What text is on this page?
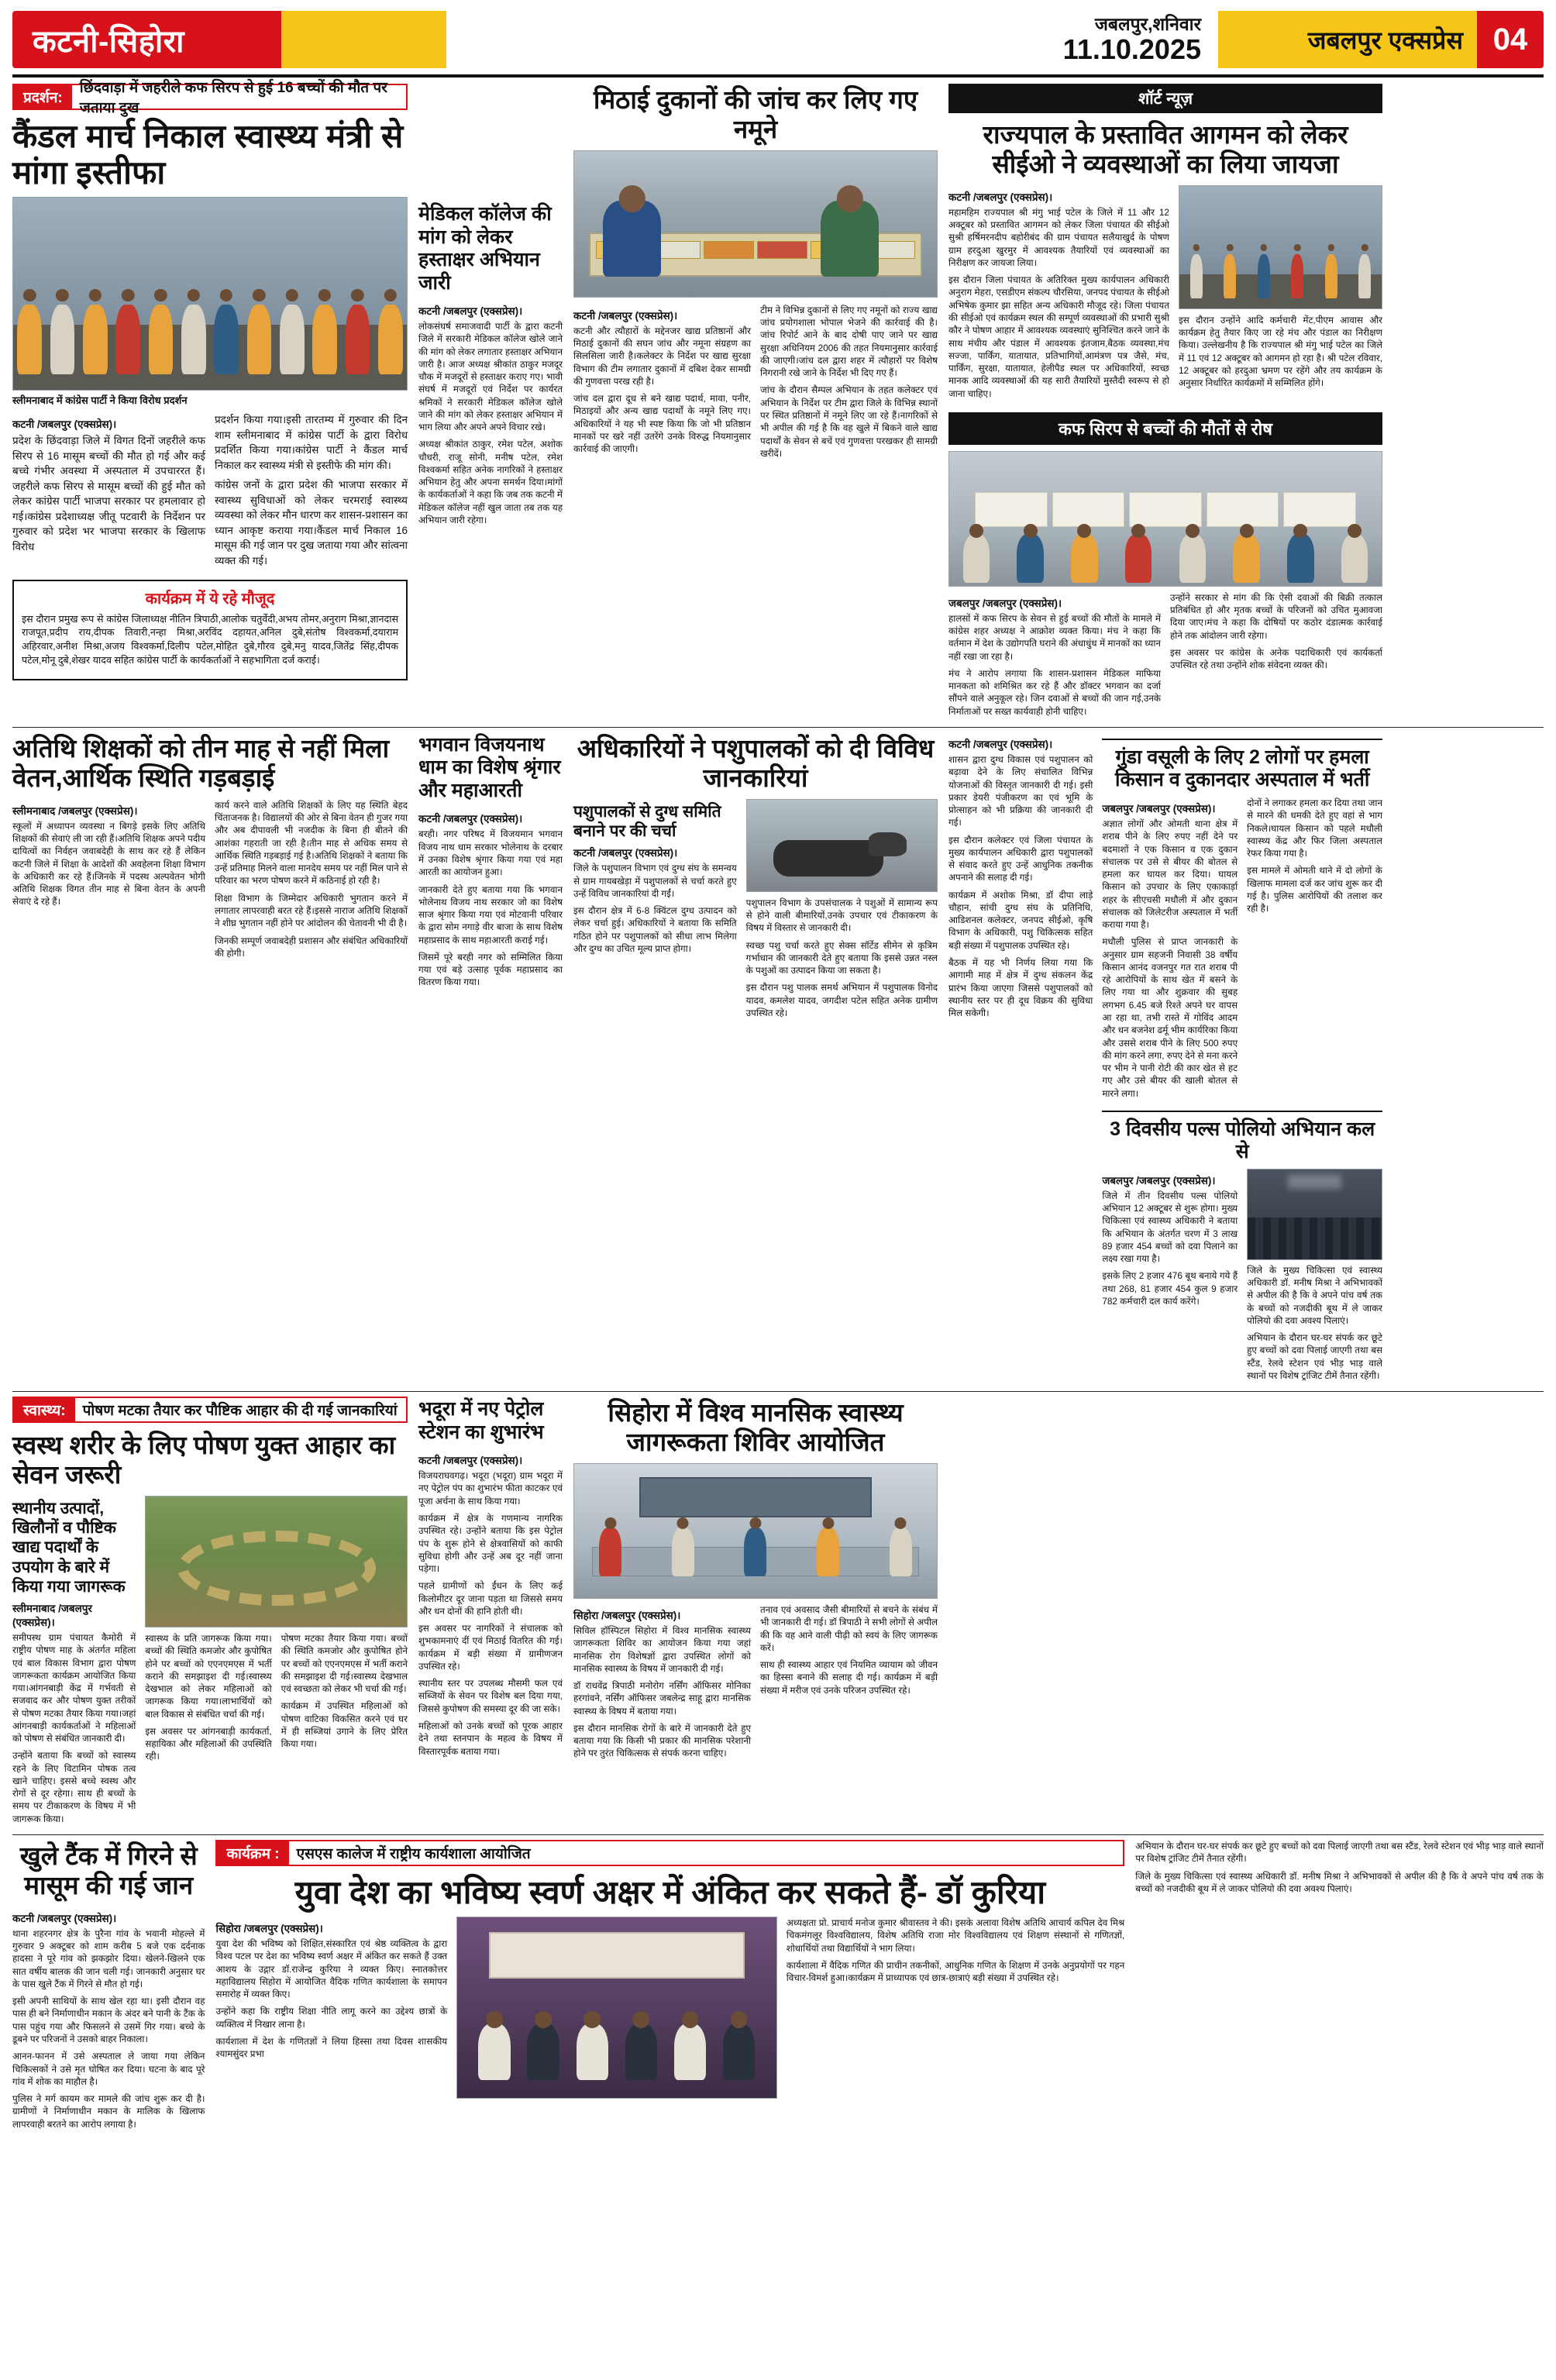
कटनी-सिहोरा
जबलपुर,शनिवार
11.10.2025	जबलपुर एक्सप्रेस 04
प्रदर्शन:
छिंदवाड़ा में जहरीले कफ सिरप से हुई 16 बच्चों की मौत पर जताया दुख
कैंडल मार्च निकाल स्वास्थ्य मंत्री से मांगा इस्तीफा
स्लीमनाबाद में कांग्रेस पार्टी ने किया विरोध प्रदर्शन
कटनी /जबलपुर (एक्सप्रेस)।

प्रदेश के छिंदवाड़ा जिले में विगत दिनों जहरीले कफ सिरप से 16 मासूम बच्चों की मौत हो गई और कई बच्चे गंभीर अवस्था में अस्पताल में उपचाररत हैं। जहरीले कफ सिरप से मासूम बच्चों की हुई मौत को लेकर कांग्रेस पार्टी भाजपा सरकार पर हमलावार हो गई।कांग्रेस प्रदेशाध्यक्ष जीतू पटवारी के निर्देशन पर गुरुवार को प्रदेश भर भाजपा सरकार के खिलाफ विरोध

प्रदर्शन किया गया।इसी तारतम्य में गुरुवार की दिन शाम स्लीमनाबाद में कांग्रेस पार्टी के द्वारा विरोध प्रदर्शित किया गया।कांग्रेस पार्टी ने कैंडल मार्च निकाल कर स्वास्थ्य मंत्री से इस्तीफे की मांग की।

कांग्रेस जनों के द्वारा प्रदेश की भाजपा सरकार में स्वास्थ्य सुविधाओं को लेकर चरमराई स्वास्थ्य व्यवस्था को लेकर मौन धारण कर शासन-प्रशासन का ध्यान आकृष्ट कराया गया।कैंडल मार्च निकाल 16 मासूम की गई जान पर दुख जताया गया और सांत्वना व्यक्त की गई।

कार्यक्रम में ये रहे मौजूद

इस दौरान प्रमुख रूप से कांग्रेस जिलाध्यक्ष नीतिन त्रिपाठी,आलोक चतुर्वेदी,अभय तोमर,अनुराग मिश्रा,ज्ञानदास राजपूत,प्रदीप राय,दीपक तिवारी,नन्हा मिश्रा,अरविंद दहायत,अनिल दुबे,संतोष विश्वकर्मा,दयाराम अहिरवार,अनीश मिश्रा,अजय विश्वकर्मा,दिलीप पटेल,मोहित दुबे,गौरव दुबे,मनु यादव,जितेंद्र सिंह,दीपक पटेल,मोनू दुबे,शेखर यादव सहित कांग्रेस पार्टी के कार्यकर्ताओं ने सहभागिता दर्ज कराई।

मेडिकल कॉलेज की मांग को लेकर हस्ताक्षर अभियान जारी
कटनी /जबलपुर (एक्सप्रेस)।

लोकसंघर्ष समाजवादी पार्टी के द्वारा कटनी जिले में सरकारी मेडिकल कॉलेज खोले जाने की मांग को लेकर लगातार हस्ताक्षर अभियान जारी है। आज अध्यक्ष श्रीकांत ठाकुर मजदूर चौक में मजदूरों से हस्ताक्षर कराए गए। भावी संघर्ष में मजदूरों एवं निर्देश पर कार्यरत श्रमिकों ने सरकारी मेडिकल कॉलेज खोले जाने की मांग को लेकर हस्ताक्षर अभियान में भाग लिया और अपने अपने विचार रखे।

अध्यक्ष श्रीकांत ठाकुर, रमेश पटेल, अशोक चौधरी, राजू सोनी, मनीष पटेल, रमेश विश्वकर्मा सहित अनेक नागरिकों ने हस्ताक्षर अभियान हेतु और अपना समर्थन दिया।मांगों के कार्यकर्ताओं ने कहा कि जब तक कटनी में मेडिकल कॉलेज नहीं खुल जाता तब तक यह अभियान जारी रहेगा।

मिठाई दुकानों की जांच कर लिए गए नमूने
कटनी /जबलपुर (एक्सप्रेस)।

कटनी और त्यौहारों के मद्देनजर खाद्य प्रतिष्ठानों और मिठाई दुकानों की सघन जांच और नमूना संग्रहण का सिलसिला जारी है।कलेक्टर के निर्देश पर खाद्य सुरक्षा विभाग की टीम लगातार दुकानों में दबिश देकर सामग्री की गुणवत्ता परख रही है।

जांच दल द्वारा दूध से बने खाद्य पदार्थ, मावा, पनीर, मिठाइयों और अन्य खाद्य पदार्थों के नमूने लिए गए। अधिकारियों ने यह भी स्पष्ट किया कि जो भी प्रतिष्ठान मानकों पर खरे नहीं उतरेंगे उनके विरुद्ध नियमानुसार कार्रवाई की जाएगी।

टीम ने विभिन्न दुकानों से लिए गए नमूनों को राज्य खाद्य जांच प्रयोगशाला भोपाल भेजने की कार्रवाई की है। जांच रिपोर्ट आने के बाद दोषी पाए जाने पर खाद्य सुरक्षा अधिनियम 2006 की तहत नियमानुसार कार्रवाई की जाएगी।जांच दल द्वारा शहर में त्यौहारों पर विशेष निगरानी रखे जाने के निर्देश भी दिए गए हैं।

जांच के दौरान सैम्पल अभियान के तहत कलेक्टर एवं अभियान के निर्देश पर टीम द्वारा जिले के विभिन्न स्थानों पर स्थित प्रतिष्ठानों में नमूने लिए जा रहे हैं।नागरिकों से भी अपील की गई है कि वह खुले में बिकने वाले खाद्य पदार्थों के सेवन से बचें एवं गुणवत्ता परखकर ही सामग्री खरीदें।

शॉर्ट न्यूज़
राज्यपाल के प्रस्तावित आगमन को लेकर सीईओ ने व्यवस्थाओं का लिया जायजा
कटनी /जबलपुर (एक्सप्रेस)।

महामहिम राज्यपाल श्री मंगु भाई पटेल के जिले में 11 और 12 अक्टूबर को प्रस्तावित आगमन को लेकर जिला पंचायत की सीईओ सुश्री हर्षिमरनदीप बहोरीबंद की ग्राम पंचायत सलैयाखुर्द के पोषण ग्राम हरदुआ खुरमुर में आवश्यक तैयारियों एवं व्यवस्थाओं का निरीक्षण कर जायजा लिया।

इस दौरान जिला पंचायत के अतिरिक्त मुख्य कार्यपालन अधिकारी अनुराग मेहरा, एसडीएम संकल्प चौरसिया, जनपद पंचायत के सीईओ अभिषेक कुमार झा सहित अन्य अधिकारी मौजूद रहे। जिला पंचायत की सीईओ एवं कार्यक्रम स्थल की सम्पूर्ण व्यवस्थाओं की प्रभारी सुश्री कौर ने पोषण आहार में आवश्यक व्यवस्थाएं सुनिश्चित करने जाने के साथ मंचीय और पंडाल में आवश्यक इंतजाम,बैठक व्यवस्था,मंच सज्जा, पार्किंग, यातायात, प्रतिभागियों,आमंत्रण पत्र जैसे, मंच, पार्किंग, सुरक्षा, यातायात, हेलीपैड स्थल पर अधिकारियों, स्वच्छ मानक आदि व्यवस्थाओं की यह सारी तैयारियों मुस्तैदी स्वरूप से हो जाना चाहिए।

इस दौरान उन्होंने आदि कर्मचारी मेंट,पीएम आवास और कार्यक्रम हेतु तैयार किए जा रहे मंच और पंडाल का निरीक्षण किया। उल्लेखनीय है कि राज्यपाल श्री मंगु भाई पटेल का जिले में 11 एवं 12 अक्टूबर को आगमन हो रहा है। श्री पटेल रविवार, 12 अक्टूबर को हरदुआ भ्रमण पर रहेंगे और तय कार्यक्रम के अनुसार निर्धारित कार्यक्रमों में सम्मिलित होंगे।

कफ सिरप से बच्चों की मौतों से रोष
जबलपुर /जबलपुर (एक्सप्रेस)।

हालसों में कफ सिरप के सेवन से हुई बच्चों की मौतों के मामले में कांग्रेस शहर अध्यक्ष ने आक्रोश व्यक्त किया। मंच ने कहा कि वर्तमान में देश के उद्योगपति घराने की अंधाधुंध में मानकों का ध्यान नहीं रखा जा रहा है।

मंच ने आरोप लगाया कि शासन-प्रशासन मेडिकल माफिया मानकता को शमिश्रित कर रहे हैं और डॉक्टर भगवान का दर्जा सौंपने वाले अनुकूल रहे। जिन दवाओं से बच्चों की जान गई,उनके निर्माताओं पर सख्त कार्यवाही होनी चाहिए।

उन्होंने सरकार से मांग की कि ऐसी दवाओं की बिक्री तत्काल प्रतिबंधित हो और मृतक बच्चों के परिजनों को उचित मुआवजा दिया जाए।मंच ने कहा कि दोषियों पर कठोर दंडात्मक कार्रवाई होने तक आंदोलन जारी रहेगा।

इस अवसर पर कांग्रेस के अनेक पदाधिकारी एवं कार्यकर्ता उपस्थित रहे तथा उन्होंने शोक संवेदना व्यक्त की।

अतिथि शिक्षकों को तीन माह से नहीं मिला वेतन,आर्थिक स्थिति गड़बड़ाई
स्लीमनाबाद /जबलपुर (एक्सप्रेस)।

स्कूलों में अध्यापन व्यवस्था न बिगड़े इसके लिए अतिथि शिक्षकों की सेवाएं ली जा रही हैं।अतिथि शिक्षक अपने पदीय दायित्वों का निर्वहन जवाबदेही के साथ कर रहे हैं लेकिन कटनी जिले में शिक्षा के आदेशों की अवहेलना शिक्षा विभाग के अधिकारी कर रहे हैं।जिनके में पदस्थ अल्पवेतन भोगी अतिथि शिक्षक विगत तीन माह से बिना वेतन के अपनी सेवाएं दे रहे हैं।

कार्य करने वाले अतिथि शिक्षकों के लिए यह स्थिति बेहद चिंताजनक है। विद्यालयों की ओर से बिना वेतन ही गुजर गया और अब दीपावली भी नजदीक के बिना ही बीतने की आशंका गहराती जा रही है।तीन माह से अधिक समय से आर्थिक स्थिति गड़बड़ाई गई है।अतिथि शिक्षकों ने बताया कि उन्हें प्रतिमाह मिलने वाला मानदेय समय पर नहीं मिल पाने से परिवार का भरण पोषण करने में कठिनाई हो रही है।

शिक्षा विभाग के जिम्मेदार अधिकारी भुगतान करने में लगातार लापरवाही बरत रहे हैं।इससे नाराज अतिथि शिक्षकों ने शीघ्र भुगतान नहीं होने पर आंदोलन की चेतावनी भी दी है।

जिनकी सम्पूर्ण जवाबदेही प्रशासन और संबंधित अधिकारियों की होगी।

भगवान विजयनाथ धाम का विशेष श्रृंगार और महाआरती
कटनी /जबलपुर (एक्सप्रेस)।

बरही। नगर परिषद में विजयमान भगवान विजय नाथ धाम सरकार भोलेनाथ के दरबार में उनका विशेष श्रृंगार किया गया एवं महा आरती का आयोजन हुआ।

जानकारी देते हुए बताया गया कि भगवान भोलेनाथ विजय नाथ सरकार जो का विशेष साज श्रृंगार किया गया एवं मोटवानी परिवार के द्वारा सोम नगाड़े वीर बाजा के साथ विशेष महाप्रसाद के साथ महाआरती कराई गई।

जिसमें पूरे बरही नगर को सम्मिलित किया गया एवं बड़े उत्साह पूर्वक महाप्रसाद का वितरण किया गया।

अधिकारियों ने पशुपालकों को दी विविध जानकारियां
पशुपालकों से दुग्ध समिति बनाने पर की चर्चा
कटनी /जबलपुर (एक्सप्रेस)।

जिले के पशुपालन विभाग एवं दुग्ध संघ के समन्वय से ग्राम गायबखेड़ा में पशुपालकों से चर्चा करते हुए उन्हें विविध जानकारियां दी गईं।

इस दौरान क्षेत्र में 6-8 क्विंटल दुग्ध उत्पादन को लेकर चर्चा हुई। अधिकारियों ने बताया कि समिति गठित होने पर पशुपालकों को सीधा लाभ मिलेगा और दुग्ध का उचित मूल्य प्राप्त होगा।

पशुपालन विभाग के उपसंचालक ने पशुओं में सामान्य रूप से होने वाली बीमारियों,उनके उपचार एवं टीकाकरण के विषय में विस्तार से जानकारी दी।

स्वच्छ पशु चर्चा करते हुए सेक्स सॉर्टेड सीमेन से कृत्रिम गर्भाधान की जानकारी देते हुए बताया कि इससे उन्नत नस्ल के पशुओं का उत्पादन किया जा सकता है।

इस दौरान पशु पालक समर्थ अभियान में पशुपालक विनोद यादव, कमलेश यादव, जगदीश पटेल सहित अनेक ग्रामीण उपस्थित रहे।

कटनी /जबलपुर (एक्सप्रेस)।

शासन द्वारा दुग्ध विकास एवं पशुपालन को बढ़ावा देने के लिए संचालित विभिन्न योजनाओं की विस्तृत जानकारी दी गई। इसी प्रकार डेयरी पंजीकरण का एवं भूमि के प्रोत्साहन को भी प्रक्रिया की जानकारी दी गई।

इस दौरान कलेक्टर एवं जिला पंचायत के मुख्य कार्यपालन अधिकारी द्वारा पशुपालकों से संवाद करते हुए उन्हें आधुनिक तकनीक अपनाने की सलाह दी गई।

कार्यक्रम में अशोक मिश्रा, डॉ दीपा लाड़े चौहान, सांची दुग्ध संघ के प्रतिनिधि, आडिशनल कलेक्टर, जनपद सीईओ, कृषि विभाग के अधिकारी, पशु चिकित्सक सहित बड़ी संख्या में पशुपालक उपस्थित रहे।

बैठक में यह भी निर्णय लिया गया कि आगामी माह में क्षेत्र में दुग्ध संकलन केंद्र प्रारंभ किया जाएगा जिससे पशुपालकों को स्थानीय स्तर पर ही दूध विक्रय की सुविधा मिल सकेगी।

गुंडा वसूली के लिए 2 लोगों पर हमला किसान व दुकानदार अस्पताल में भर्ती
जबलपुर /जबलपुर (एक्सप्रेस)।

अज्ञात लोगों और ओमती थाना क्षेत्र में शराब पीने के लिए रुपए नहीं देने पर बदमाशों ने एक किसान व एक दुकान संचालक पर उसे से बीयर की बोतल से हमला कर घायल कर दिया। घायल किसान को उपचार के लिए एकाकार्ड़ा शहर के सीएचसी मधौली में और दुकान संचालक को जिलेटरीज अस्पताल में भर्ती कराया गया है।

मधौली पुलिस से प्राप्त जानकारी के अनुसार ग्राम सहजनी निवासी 38 वर्षीय किसान आनंद वजनपुर गत रात शराब पी रहे आरोपियों के साथ खेत में बसने के लिए गया था और शुक्रवार की सुबह लगभग 6.45 बजे रिश्ते अपने घर वापस आ रहा था, तभी रास्ते में गोविंद आदम और धन बजनेश ढर्मू भीम कार्यरिका किया और उससे शराब पीने के लिए 500 रुपए की मांग करने लगा, रुपए देने से मना करने पर भीम ने पानी रोटी की कार खेत से हट गए और उसे बीयर की खाली बोतल से मारने लगा।

दोनों ने लगाकर हमला कर दिया तथा जान से मारने की धमकी देते हुए वहां से भाग निकले।घायल किसान को पहले मधौली स्वास्थ्य केंद्र और फिर जिला अस्पताल रेफर किया गया है।

इस मामले में ओमती थाने में दो लोगों के खिलाफ मामला दर्ज कर जांच शुरू कर दी गई है। पुलिस आरोपियों की तलाश कर रही है।

3 दिवसीय पल्स पोलियो अभियान कल से
जबलपुर /जबलपुर (एक्सप्रेस)।

जिले में तीन दिवसीय पल्स पोलियो अभियान 12 अक्टूबर से शुरू होगा। मुख्य चिकित्सा एवं स्वास्थ्य अधिकारी ने बताया कि अभियान के अंतर्गत चरण में 3 लाख 89 हजार 454 बच्चों को दवा पिलाने का लक्ष्य रखा गया है।

इसके लिए 2 हजार 476 बूथ बनाये गये हैं तथा 268, 81 हजार 454 कुल 9 हजार 782 कर्मचारी दल कार्य करेंगे।

जिले के मुख्य चिकित्सा एवं स्वास्थ्य अधिकारी डॉ. मनीष मिश्रा ने अभिभावकों से अपील की है कि वे अपने पांच वर्ष तक के बच्चों को नजदीकी बूथ में ले जाकर पोलियो की दवा अवश्य पिलाएं।

अभियान के दौरान घर-घर संपर्क कर छूटे हुए बच्चों को दवा पिलाई जाएगी तथा बस स्टैंड, रेलवे स्टेशन एवं भीड़ भाड़ वाले स्थानों पर विशेष ट्रांजिट टीमें तैनात रहेंगी।

स्वास्थ्य:	पोषण मटका तैयार कर पौष्टिक आहार की दी गई जानकारियां
स्वस्थ शरीर के लिए पोषण युक्त आहार का सेवन जरूरी
स्थानीय उत्पादों, खिलौनों व पौष्टिक खाद्य पदार्थों के उपयोग के बारे में किया गया जागरूक
स्लीमनाबाद /जबलपुर (एक्सप्रेस)।

समीपस्थ ग्राम पंचायत कैमोरी में राष्ट्रीय पोषण माह के अंतर्गत महिला एवं बाल विकास विभाग द्वारा पोषण जागरूकता कार्यक्रम आयोजित किया गया।आंगनबाड़ी केंद्र में गर्भवती से सजवाद कर और पोषण युक्त तरीकों से पोषण मटका तैयार किया गया।जहां आंगनबाड़ी कार्यकर्ताओं ने महिलाओं को पोषण से संबंधित जानकारी दी।

उन्होंने बताया कि बच्चों को स्वास्थ्य रहने के लिए विटामिन पोषक तत्व खाने चाहिए। इससे बच्चे स्वस्थ और रोगों से दूर रहेगा। साथ ही बच्चों के समय पर टीकाकरण के विषय में भी जागरूक किया।

स्वास्थ्य के प्रति जागरूक किया गया। बच्चों की स्थिति कमजोर और कुपोषित होने पर बच्चों को एएनएमएस में भर्ती कराने की समझाइश दी गई।स्वास्थ्य देखभाल को लेकर महिलाओं को जागरूक किया गया।लाभार्थियों को बाल विकास से संबंधित चर्चा की गई।

इस अवसर पर आंगनबाड़ी कार्यकर्ता, सहायिका और महिलाओं की उपस्थिति रही।

पोषण मटका तैयार किया गया। बच्चों की स्थिति कमजोर और कुपोषित होने पर बच्चों को एएनएमएस में भर्ती कराने की समझाइश दी गई।स्वास्थ्य देखभाल एवं स्वच्छता को लेकर भी चर्चा की गई।

कार्यक्रम में उपस्थित महिलाओं को पोषण वाटिका विकसित करने एवं घर में ही सब्जियां उगाने के लिए प्रेरित किया गया।

भदूरा में नए पेट्रोल स्टेशन का शुभारंभ
कटनी /जबलपुर (एक्सप्रेस)।

विजयराघवगढ़। भदूरा (भदूरा) ग्राम भदूरा में नए पेट्रोल पंप का शुभारंभ फीता काटकर एवं पूजा अर्चना के साथ किया गया।

कार्यक्रम में क्षेत्र के गणमान्य नागरिक उपस्थित रहे। उन्होंने बताया कि इस पेट्रोल पंप के शुरू होने से क्षेत्रवासियों को काफी सुविधा होगी और उन्हें अब दूर नहीं जाना पड़ेगा।

पहले ग्रामीणों को ईंधन के लिए कई किलोमीटर दूर जाना पड़ता था जिससे समय और धन दोनों की हानि होती थी।

इस अवसर पर नागरिकों ने संचालक को शुभकामनाएं दीं एवं मिठाई वितरित की गई।कार्यक्रम में बड़ी संख्या में ग्रामीणजन उपस्थित रहे।

स्थानीय स्तर पर उपलब्ध मौसमी फल एवं सब्जियों के सेवन पर विशेष बल दिया गया, जिससे कुपोषण की समस्या दूर की जा सके।

महिलाओं को उनके बच्चों को पूरक आहार देने तथा स्तनपान के महत्व के विषय में विस्तारपूर्वक बताया गया।

सिहोरा में विश्व मानसिक स्वास्थ्य जागरूकता शिविर आयोजित
सिहोरा /जबलपुर (एक्सप्रेस)।

सिविल हॉस्पिटल सिहोरा में विश्व मानसिक स्वास्थ्य जागरूकता शिविर का आयोजन किया गया जहां मानसिक रोग विशेषज्ञों द्वारा उपस्थित लोगों को मानसिक स्वास्थ्य के विषय में जानकारी दी गई।

डॉ राधवेंद्र त्रिपाठी मनोरोग नर्सिंग ऑफिसर मोनिका हरगांवने, नर्सिंग ऑफिसर जबलेन्द्र साहू द्वारा मानसिक स्वास्थ्य के विषय में बताया गया।

इस दौरान मानसिक रोगों के बारे में जानकारी देते हुए बताया गया कि किसी भी प्रकार की मानसिक परेशानी होने पर तुरंत चिकित्सक से संपर्क करना चाहिए।

तनाव एवं अवसाद जैसी बीमारियों से बचने के संबंध में भी जानकारी दी गई। डॉ त्रिपाठी ने सभी लोगों से अपील की कि वह आने वाली पीढ़ी को स्वयं के लिए जागरूक करें।

साथ ही स्वास्थ्य आहार एवं नियमित व्यायाम को जीवन का हिस्सा बनाने की सलाह दी गई। कार्यक्रम में बड़ी संख्या में मरीज एवं उनके परिजन उपस्थित रहे।

खुले टैंक में गिरने से मासूम की गई जान
कटनी /जबलपुर (एक्सप्रेस)।

थाना शहरनगर क्षेत्र के पुरैना गांव के भवानी मोहल्ले में गुरुवार 9 अक्टूबर को शाम करीब 5 बजे एक दर्दनाक हादसा ने पूरे गांव को झकझोर दिया। खेलने-खिलने एक सात वर्षीय बालक की जान चली गई। जानकारी अनुसार घर के पास खुले टैंक में गिरने से मौत हो गई।

इसी अपनी साथियों के साथ खेल रहा था। इसी दौरान वह पास ही बने निर्माणाधीन मकान के अंदर बने पानी के टैंक के पास पहुंच गया और फिसलने से उसमें गिर गया। बच्चे के डूबने पर परिजनों ने उसको बाहर निकाला।

आनन-फानन में उसे अस्पताल ले जाया गया लेकिन चिकित्सकों ने उसे मृत घोषित कर दिया। घटना के बाद पूरे गांव में शोक का माहौल है।

पुलिस ने मर्ग कायम कर मामले की जांच शुरू कर दी है।ग्रामीणों ने निर्माणाधीन मकान के मालिक के खिलाफ लापरवाही बरतने का आरोप लगाया है।

कार्यक्रम :	एसएस कालेज में राष्ट्रीय कार्यशाला आयोजित
युवा देश का भविष्य स्वर्ण अक्षर में अंकित कर सकते हैं- डॉ कुरिया
सिहोरा /जबलपुर (एक्सप्रेस)।

युवा देश की भविष्य को शिक्षित,संस्कारित एवं श्रेष्ठ व्यक्तित्व के द्वारा विश्व पटल पर देश का भविष्य स्वर्ण अक्षर में अंकित कर सकते हैं उक्त आशय के उद्गार डॉ.राजेन्द्र कुरिया ने व्यक्त किए। स्नातकोत्तर महाविद्यालय सिहोरा में आयोजित वैदिक गणित कार्यशाला के समापन समारोह में व्यक्त किए।

उन्होंने कहा कि राष्ट्रीय शिक्षा नीति लागू करने का उद्देश्य छात्रों के व्यक्तित्व में निखार लाना है।

कार्यशाला में देश के गणितज्ञों ने लिया हिस्सा तथा दिवस शासकीय श्यामसुंदर प्रभा

अध्यक्षता प्रो. प्राचार्य मनोज कुमार श्रीवास्तव ने की। इसके अलावा विशेष अतिथि आचार्य कपिल देव मिश्र चिकमंगलूर विश्वविद्यालय, विशेष अतिथि राजा मोर विश्वविद्यालय एवं शिक्षण संस्थानों से गणितज्ञों, शोधार्थियों तथा विद्यार्थियों ने भाग लिया।

कार्यशाला में वैदिक गणित की प्राचीन तकनीकों, आधुनिक गणित के शिक्षण में उनके अनुप्रयोगों पर गहन विचार-विमर्श हुआ।कार्यक्रम में प्राध्यापक एवं छात्र-छात्राएं बड़ी संख्या में उपस्थित रहे।

अभियान के दौरान घर-घर संपर्क कर छूटे हुए बच्चों को दवा पिलाई जाएगी तथा बस स्टैंड, रेलवे स्टेशन एवं भीड़ भाड़ वाले स्थानों पर विशेष ट्रांजिट टीमें तैनात रहेंगी।

जिले के मुख्य चिकित्सा एवं स्वास्थ्य अधिकारी डॉ. मनीष मिश्रा ने अभिभावकों से अपील की है कि वे अपने पांच वर्ष तक के बच्चों को नजदीकी बूथ में ले जाकर पोलियो की दवा अवश्य पिलाएं।
